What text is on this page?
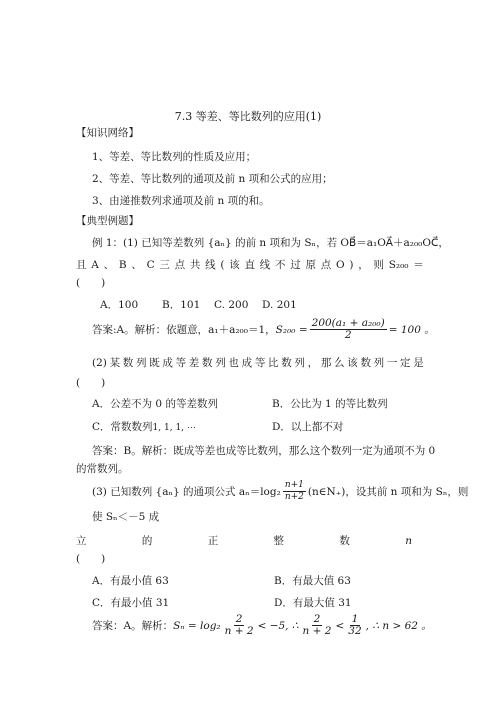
7.3 等差、等比数列的应用(1)
【知识网络】
1、等差、等比数列的性质及应用；
2、等差、等比数列的通项及前 n 项和公式的应用；
3、由递推数列求通项及前 n 项的和。
【典型例题】
例 1：(1) 已知等差数列 {aₙ} 的前 n 项和为 Sₙ，若 OB⃗＝a₁OA⃗＋a₂₀₀OC⃗，
且 A 、 B 、 C 三 点 共 线 ( 该 直 线 不 过 原 点 O ) ， 则 S₂₀₀ ＝
(　　)
A．100 B．101 C. 200 D. 201
答案:A。解析：依题意，a₁＋a₂₀₀＝1， $S_{200} = \frac{\text{200(a₁ + a₂₀₀)}}{2} = 100$ 。
(2) 某 数 列 既 成 等 差 数 列 也 成 等 比 数 列 ， 那 么 该 数 列 一 定 是
(　　)
A．公差不为 0 的等差数列	B．公比为 1 的等比数列
C．常数数列1, 1, 1, ⋯	D．以上都不对
答案：B。解析：既成等差也成等比数列，那么这个数列一定为通项不为 0
的常数列。
(3) 已知数列 {aₙ} 的通项公式 $a_n=\log_2 \frac{n+1}{n+2}$ (n∈N₊)，设其前 n 项和为 Sₙ，则
使 Sₙ＜－5 成
立	的	正	整	数	n
(　　)
A．有最小值 63	B．有最大值 63
C．有最小值 31	D．有最大值 31
答案：A。解析： $S_n = \log_2 \frac{2}{n + 2} < -5$, ∴ $\frac{2}{n + 2} < \frac{1}{32}$ , ∴ n > 62 。
